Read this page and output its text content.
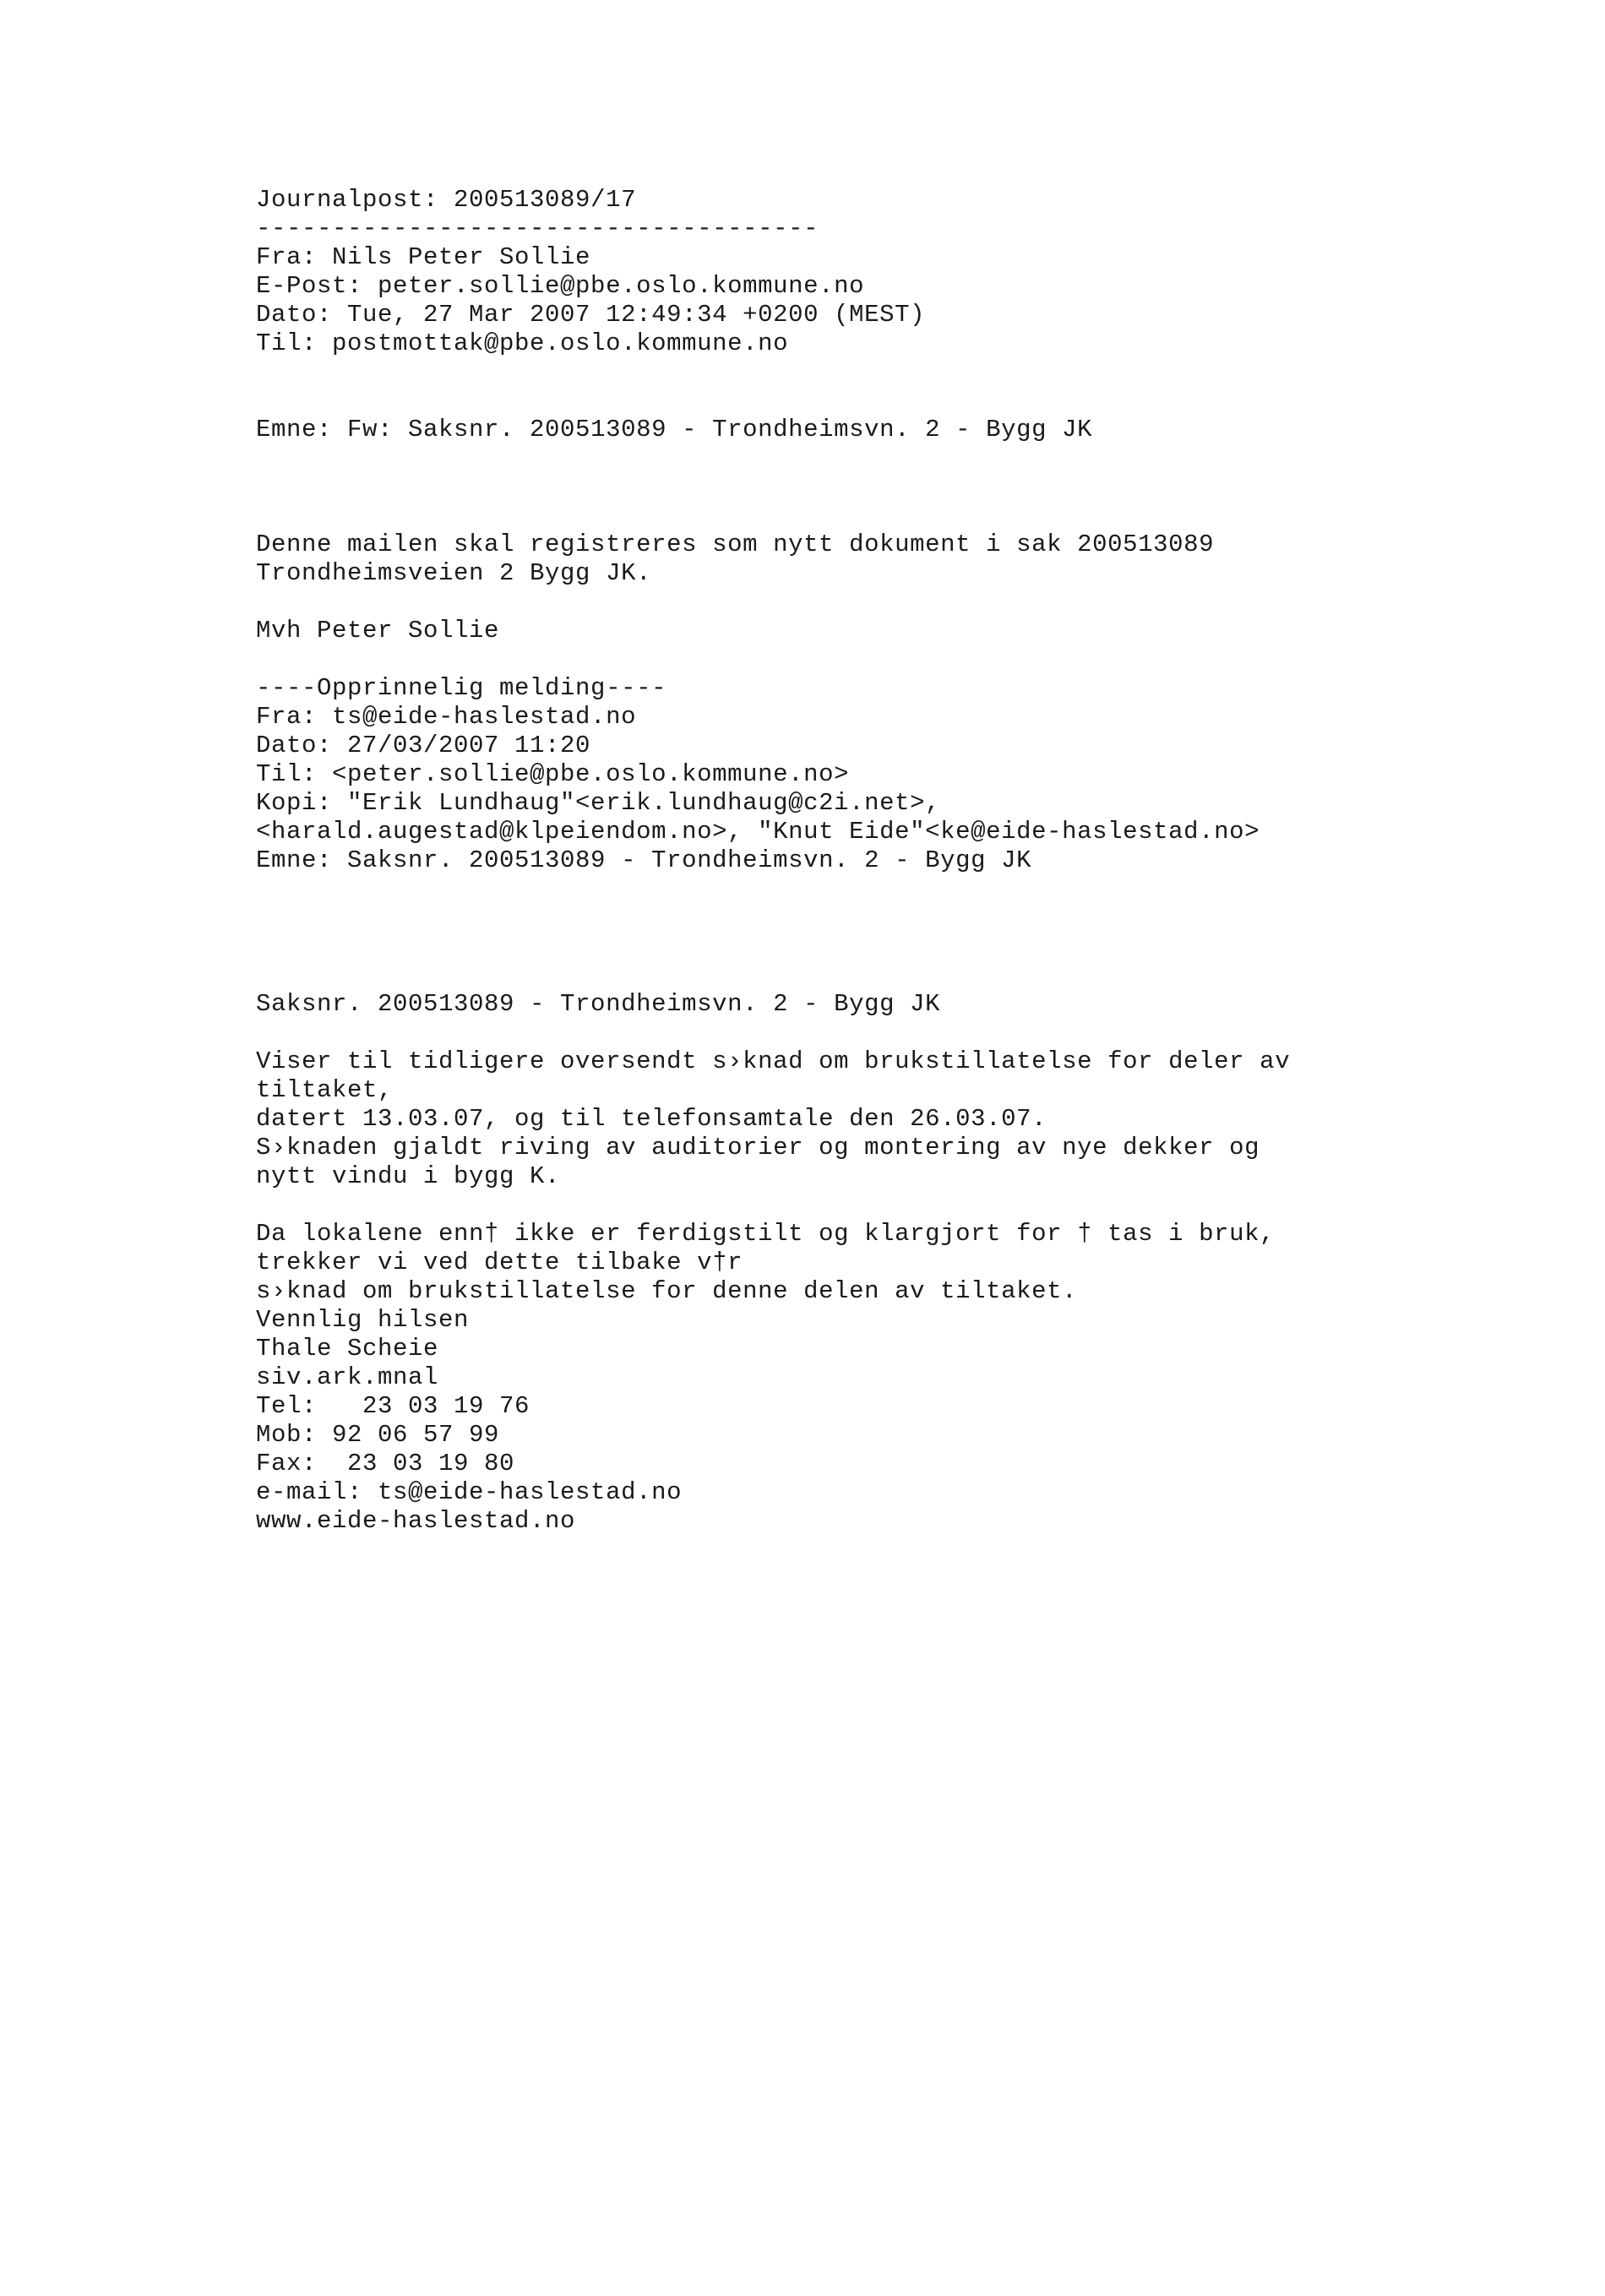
Journalpost: 200513089/17
-------------------------------------
Fra: Nils Peter Sollie
E-Post: peter.sollie@pbe.oslo.kommune.no
Dato: Tue, 27 Mar 2007 12:49:34 +0200 (MEST)
Til: postmottak@pbe.oslo.kommune.no
Emne: Fw: Saksnr. 200513089 - Trondheimsvn. 2 - Bygg JK
Denne mailen skal registreres som nytt dokument i sak 200513089
Trondheimsveien 2 Bygg JK.
Mvh Peter Sollie
----Opprinnelig melding----
Fra: ts@eide-haslestad.no
Dato: 27/03/2007 11:20
Til: <peter.sollie@pbe.oslo.kommune.no>
Kopi: "Erik Lundhaug"<erik.lundhaug@c2i.net>,
<harald.augestad@klpeiendom.no>, "Knut Eide"<ke@eide-haslestad.no>
Emne: Saksnr. 200513089 - Trondheimsvn. 2 - Bygg JK
Saksnr. 200513089 - Trondheimsvn. 2 - Bygg JK
Viser til tidligere oversendt s›knad om brukstillatelse for deler av
tiltaket,
datert 13.03.07, og til telefonsamtale den 26.03.07.
S›knaden gjaldt riving av auditorier og montering av nye dekker og
nytt vindu i bygg K.
Da lokalene enn† ikke er ferdigstilt og klargjort for † tas i bruk,
trekker vi ved dette tilbake v†r
s›knad om brukstillatelse for denne delen av tiltaket.
Vennlig hilsen
Thale Scheie
siv.ark.mnal
Tel:   23 03 19 76
Mob: 92 06 57 99
Fax:  23 03 19 80
e-mail: ts@eide-haslestad.no
www.eide-haslestad.no
